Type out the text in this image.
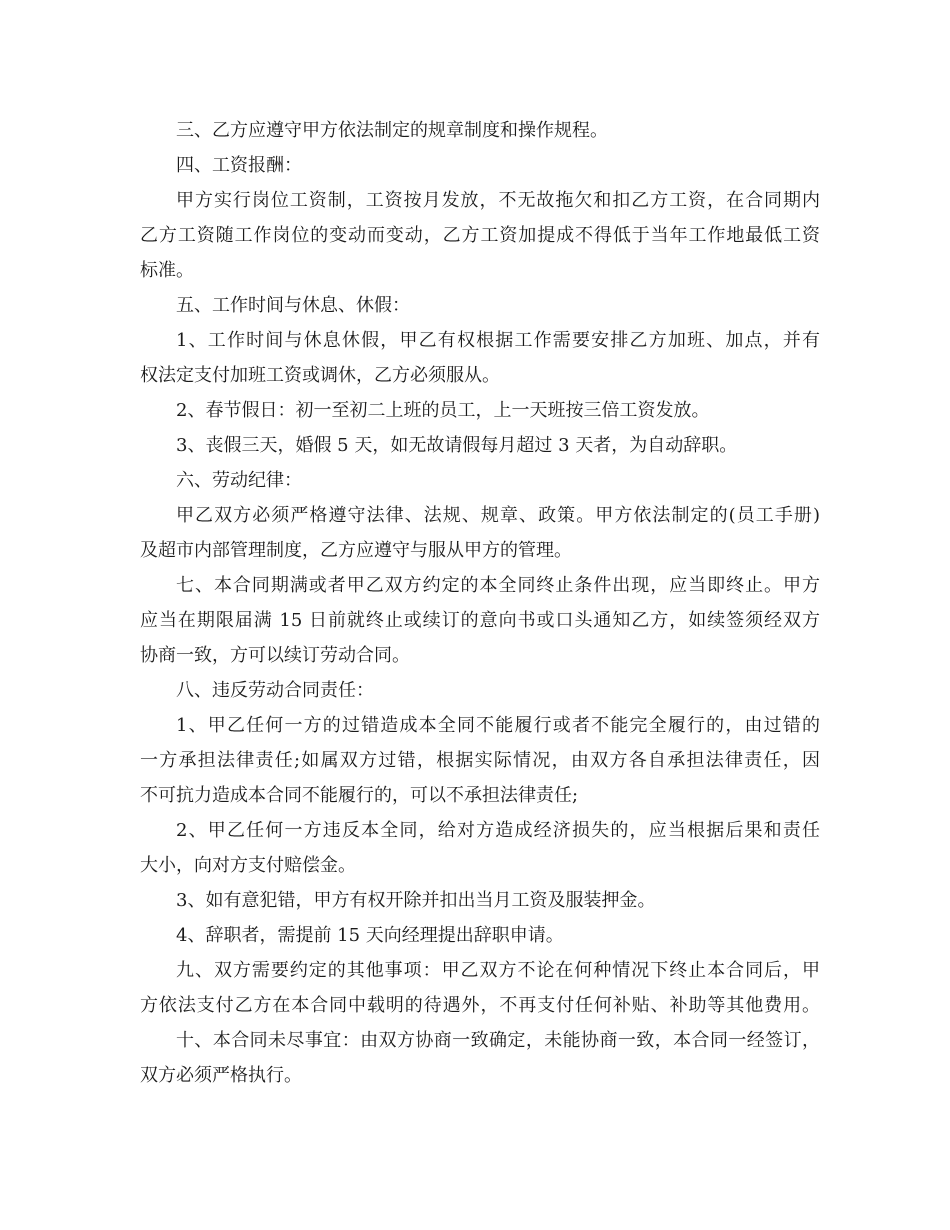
三、乙方应遵守甲方依法制定的规章制度和操作规程。
四、工资报酬：
甲方实行岗位工资制，工资按月发放，不无故拖欠和扣乙方工资，在合同期内
乙方工资随工作岗位的变动而变动，乙方工资加提成不得低于当年工作地最低工资
标准。
五、工作时间与休息、休假：
1、工作时间与休息休假，甲乙有权根据工作需要安排乙方加班、加点，并有
权法定支付加班工资或调休，乙方必须服从。
2、春节假日：初一至初二上班的员工，上一天班按三倍工资发放。
3、丧假三天，婚假 5 天，如无故请假每月超过 3 天者，为自动辞职。
六、劳动纪律：
甲乙双方必须严格遵守法律、法规、规章、政策。甲方依法制定的(员工手册)
及超市内部管理制度，乙方应遵守与服从甲方的管理。
七、本合同期满或者甲乙双方约定的本全同终止条件出现，应当即终止。甲方
应当在期限届满 15 日前就终止或续订的意向书或口头通知乙方，如续签须经双方
协商一致，方可以续订劳动合同。
八、违反劳动合同责任：
1、甲乙任何一方的过错造成本全同不能履行或者不能完全履行的，由过错的
一方承担法律责任;如属双方过错，根据实际情况，由双方各自承担法律责任，因
不可抗力造成本合同不能履行的，可以不承担法律责任;
2、甲乙任何一方违反本全同，给对方造成经济损失的，应当根据后果和责任
大小，向对方支付赔偿金。
3、如有意犯错，甲方有权开除并扣出当月工资及服装押金。
4、辞职者，需提前 15 天向经理提出辞职申请。
九、双方需要约定的其他事项：甲乙双方不论在何种情况下终止本合同后，甲
方依法支付乙方在本合同中载明的待遇外，不再支付任何补贴、补助等其他费用。
十、本合同未尽事宜：由双方协商一致确定，未能协商一致，本合同一经签订，
双方必须严格执行。
